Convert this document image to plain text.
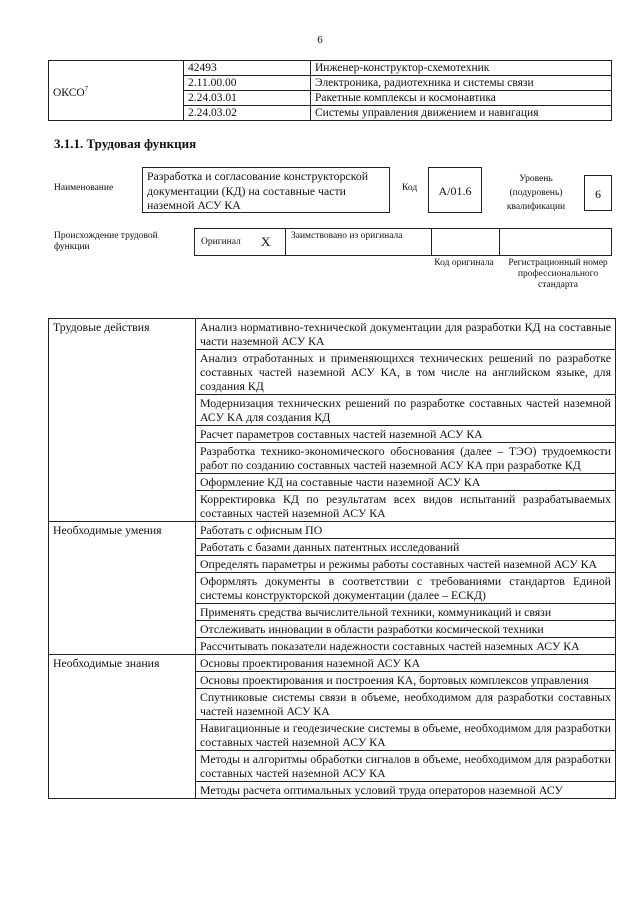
6
ОКСО$^7$	42493	Инженер-конструктор-схемотехник
	2.11.00.00	Электроника, радиотехника и системы связи
	2.24.03.01	Ракетные комплексы и космонавтика
	2.24.03.02	Системы управления движением и навигация
3.1.1. Трудовая функция
Наименование
Разработка и согласование конструкторской документации (КД) на составные части наземной АСУ КА
Код	A/01.6
Уровень (подуровень) квалификации
6
Происхождение трудовой функции	Оригинал X Заимствовано из оригинала
Код оригинала Регистрационный номер профессионального стандарта
Трудовые действия	Анализ нормативно-технической документации для разработки КД на составные части наземной АСУ КА
	Анализ отработанных и применяющихся технических решений по разработке составных частей наземной АСУ КА, в том числе на английском языке, для создания КД
	Модернизация технических решений по разработке составных частей наземной АСУ КА для создания КД
	Расчет параметров составных частей наземной АСУ КА
	Разработка технико-экономического обоснования (далее – ТЭО) трудоемкости работ по созданию составных частей наземной АСУ КА при разработке КД
	Оформление КД на составные части наземной АСУ КА
	Корректировка КД по результатам всех видов испытаний разрабатываемых составных частей наземной АСУ КА
Необходимые умения	Работать с офисным ПО
	Работать с базами данных патентных исследований
	Определять параметры и режимы работы составных частей наземной АСУ КА
	Оформлять документы в соответствии с требованиями стандартов Единой системы конструкторской документации (далее – ЕСКД)
	Применять средства вычислительной техники, коммуникаций и связи
	Отслеживать инновации в области разработки космической техники
	Рассчитывать показатели надежности составных частей наземных АСУ КА
Необходимые знания	Основы проектирования наземной АСУ КА
	Основы проектирования и построения КА, бортовых комплексов управления
	Спутниковые системы связи в объеме, необходимом для разработки составных частей наземной АСУ КА
	Навигационные и геодезические системы в объеме, необходимом для разработки составных частей наземной АСУ КА
	Методы и алгоритмы обработки сигналов в объеме, необходимом для разработки составных частей наземной АСУ КА
	Методы расчета оптимальных условий труда операторов наземной АСУ
